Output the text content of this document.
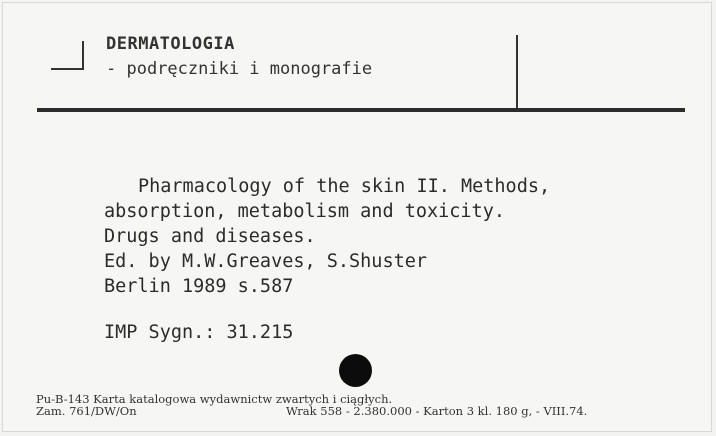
DERMATOLOGIA
- podręczniki i monografie
Pharmacology of the skin II. Methods,
absorption, metabolism and toxicity.
Drugs and diseases.
Ed. by M.W.Greaves, S.Shuster
Berlin 1989 s.587
IMP Sygn.: 31.215
Pu-B-143 Karta katalogowa wydawnictw zwartych i ciągłych.
Zam. 761/DW/On	Wrak 558 - 2.380.000 - Karton 3 kl. 180 g, - VIII.74.
